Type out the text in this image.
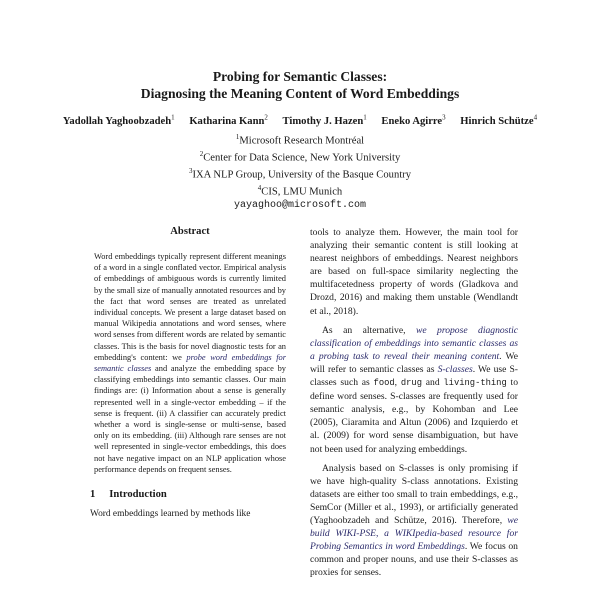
Probing for Semantic Classes:
Diagnosing the Meaning Content of Word Embeddings
Yadollah Yaghoobzadeh$^1$ Katharina Kann$^2$ Timothy J. Hazen$^1$ Eneko Agirre$^3$ Hinrich Schütze$^4$
$^1$Microsoft Research Montréal
$^2$Center for Data Science, New York University
$^3$IXA NLP Group, University of the Basque Country
$^4$CIS, LMU Munich
yayaghoo@microsoft.com
Abstract

Word embeddings typically represent different meanings of a word in a single conflated vector. Empirical analysis of embeddings of ambiguous words is currently limited by the small size of manually annotated resources and by the fact that word senses are treated as unrelated individual concepts. We present a large dataset based on manual Wikipedia annotations and word senses, where word senses from different words are related by semantic classes. This is the basis for novel diagnostic tests for an embedding's content: we probe word embeddings for semantic classes and analyze the embedding space by classifying embeddings into semantic classes. Our main findings are: (i) Information about a sense is generally represented well in a single-vector embedding – if the sense is frequent. (ii) A classifier can accurately predict whether a word is single-sense or multi-sense, based only on its embedding. (iii) Although rare senses are not well represented in single-vector embeddings, this does not have negative impact on an NLP application whose performance depends on frequent senses.

1 Introduction

Word embeddings learned by methods like

tools to analyze them. However, the main tool for analyzing their semantic content is still looking at nearest neighbors of embeddings. Nearest neighbors are based on full-space similarity neglecting the multifacetedness property of words (Gladkova and Drozd, 2016) and making them unstable (Wendlandt et al., 2018).

As an alternative, we propose diagnostic classification of embeddings into semantic classes as a probing task to reveal their meaning content. We will refer to semantic classes as S-classes. We use S-classes such as food, drug and living-thing to define word senses. S-classes are frequently used for semantic analysis, e.g., by Kohomban and Lee (2005), Ciaramita and Altun (2006) and Izquierdo et al. (2009) for word sense disambiguation, but have not been used for analyzing embeddings.

Analysis based on S-classes is only promising if we have high-quality S-class annotations. Existing datasets are either too small to train embeddings, e.g., SemCor (Miller et al., 1993), or artificially generated (Yaghoobzadeh and Schütze, 2016). Therefore, we build WIKI-PSE, a WIKIpedia-based resource for Probing Semantics in word Embeddings. We focus on common and proper nouns, and use their S-classes as proxies for senses.
